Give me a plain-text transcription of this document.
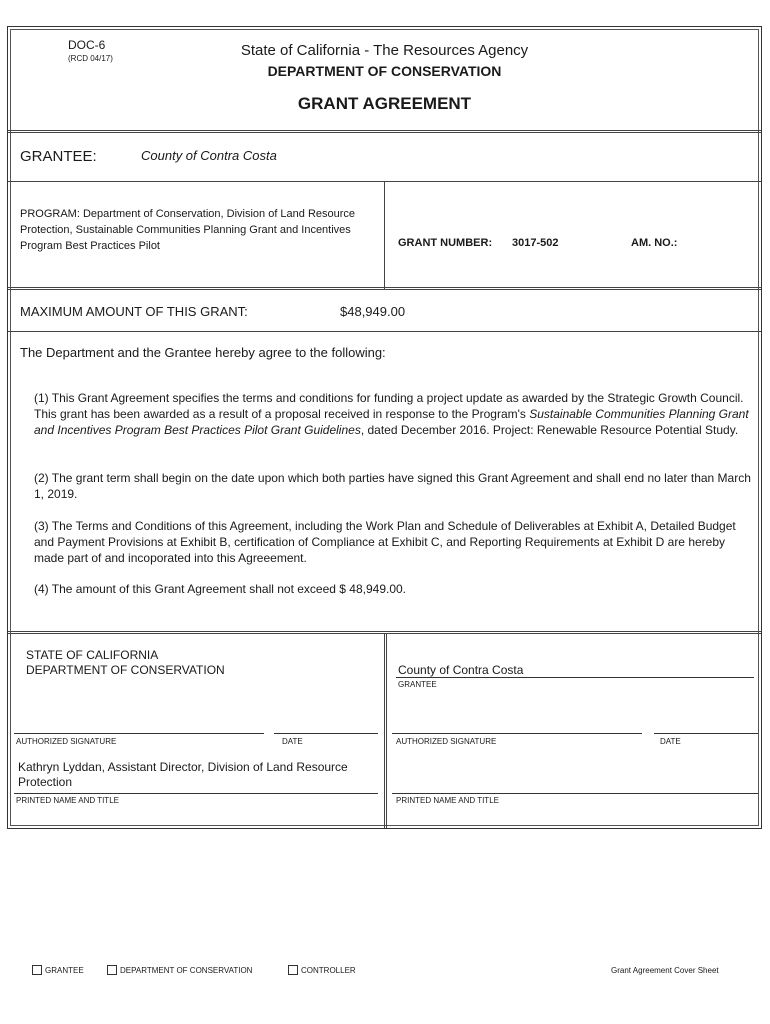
DOC-6
(RCD 04/17)	State of California - The Resources Agency
DEPARTMENT OF CONSERVATION
GRANT AGREEMENT
GRANTEE:	County of Contra Costa
PROGRAM: Department of Conservation, Division of Land Resource Protection, Sustainable Communities Planning Grant and Incentives Program Best Practices Pilot	GRANT NUMBER: 3017-502	AM. NO.:
MAXIMUM AMOUNT OF THIS GRANT:	$48,949.00
The Department and the Grantee hereby agree to the following:
(1) This Grant Agreement specifies the terms and conditions for funding a project update as awarded by the Strategic Growth Council. This grant has been awarded as a result of a proposal received in response to the Program's Sustainable Communities Planning Grant and Incentives Program Best Practices Pilot Grant Guidelines, dated December 2016. Project: Renewable Resource Potential Study.
(2) The grant term shall begin on the date upon which both parties have signed this Grant Agreement and shall end no later than March 1, 2019.
(3) The Terms and Conditions of this Agreement, including the Work Plan and Schedule of Deliverables at Exhibit A, Detailed Budget and Payment Provisions at Exhibit B, certification of Compliance at Exhibit C, and Reporting Requirements at Exhibit D are hereby made part of and incoporated into this Agreeement.
(4) The amount of this Grant Agreement shall not exceed $ 48,949.00.
STATE OF CALIFORNIA
DEPARTMENT OF CONSERVATION
AUTHORIZED SIGNATURE	DATE
Kathryn Lyddan, Assistant Director, Division of Land Resource Protection
PRINTED NAME AND TITLE
County of Contra Costa
GRANTEE
AUTHORIZED SIGNATURE	DATE
PRINTED NAME AND TITLE
GRANTEE	DEPARTMENT OF CONSERVATION	CONTROLLER	Grant Agreement Cover Sheet
